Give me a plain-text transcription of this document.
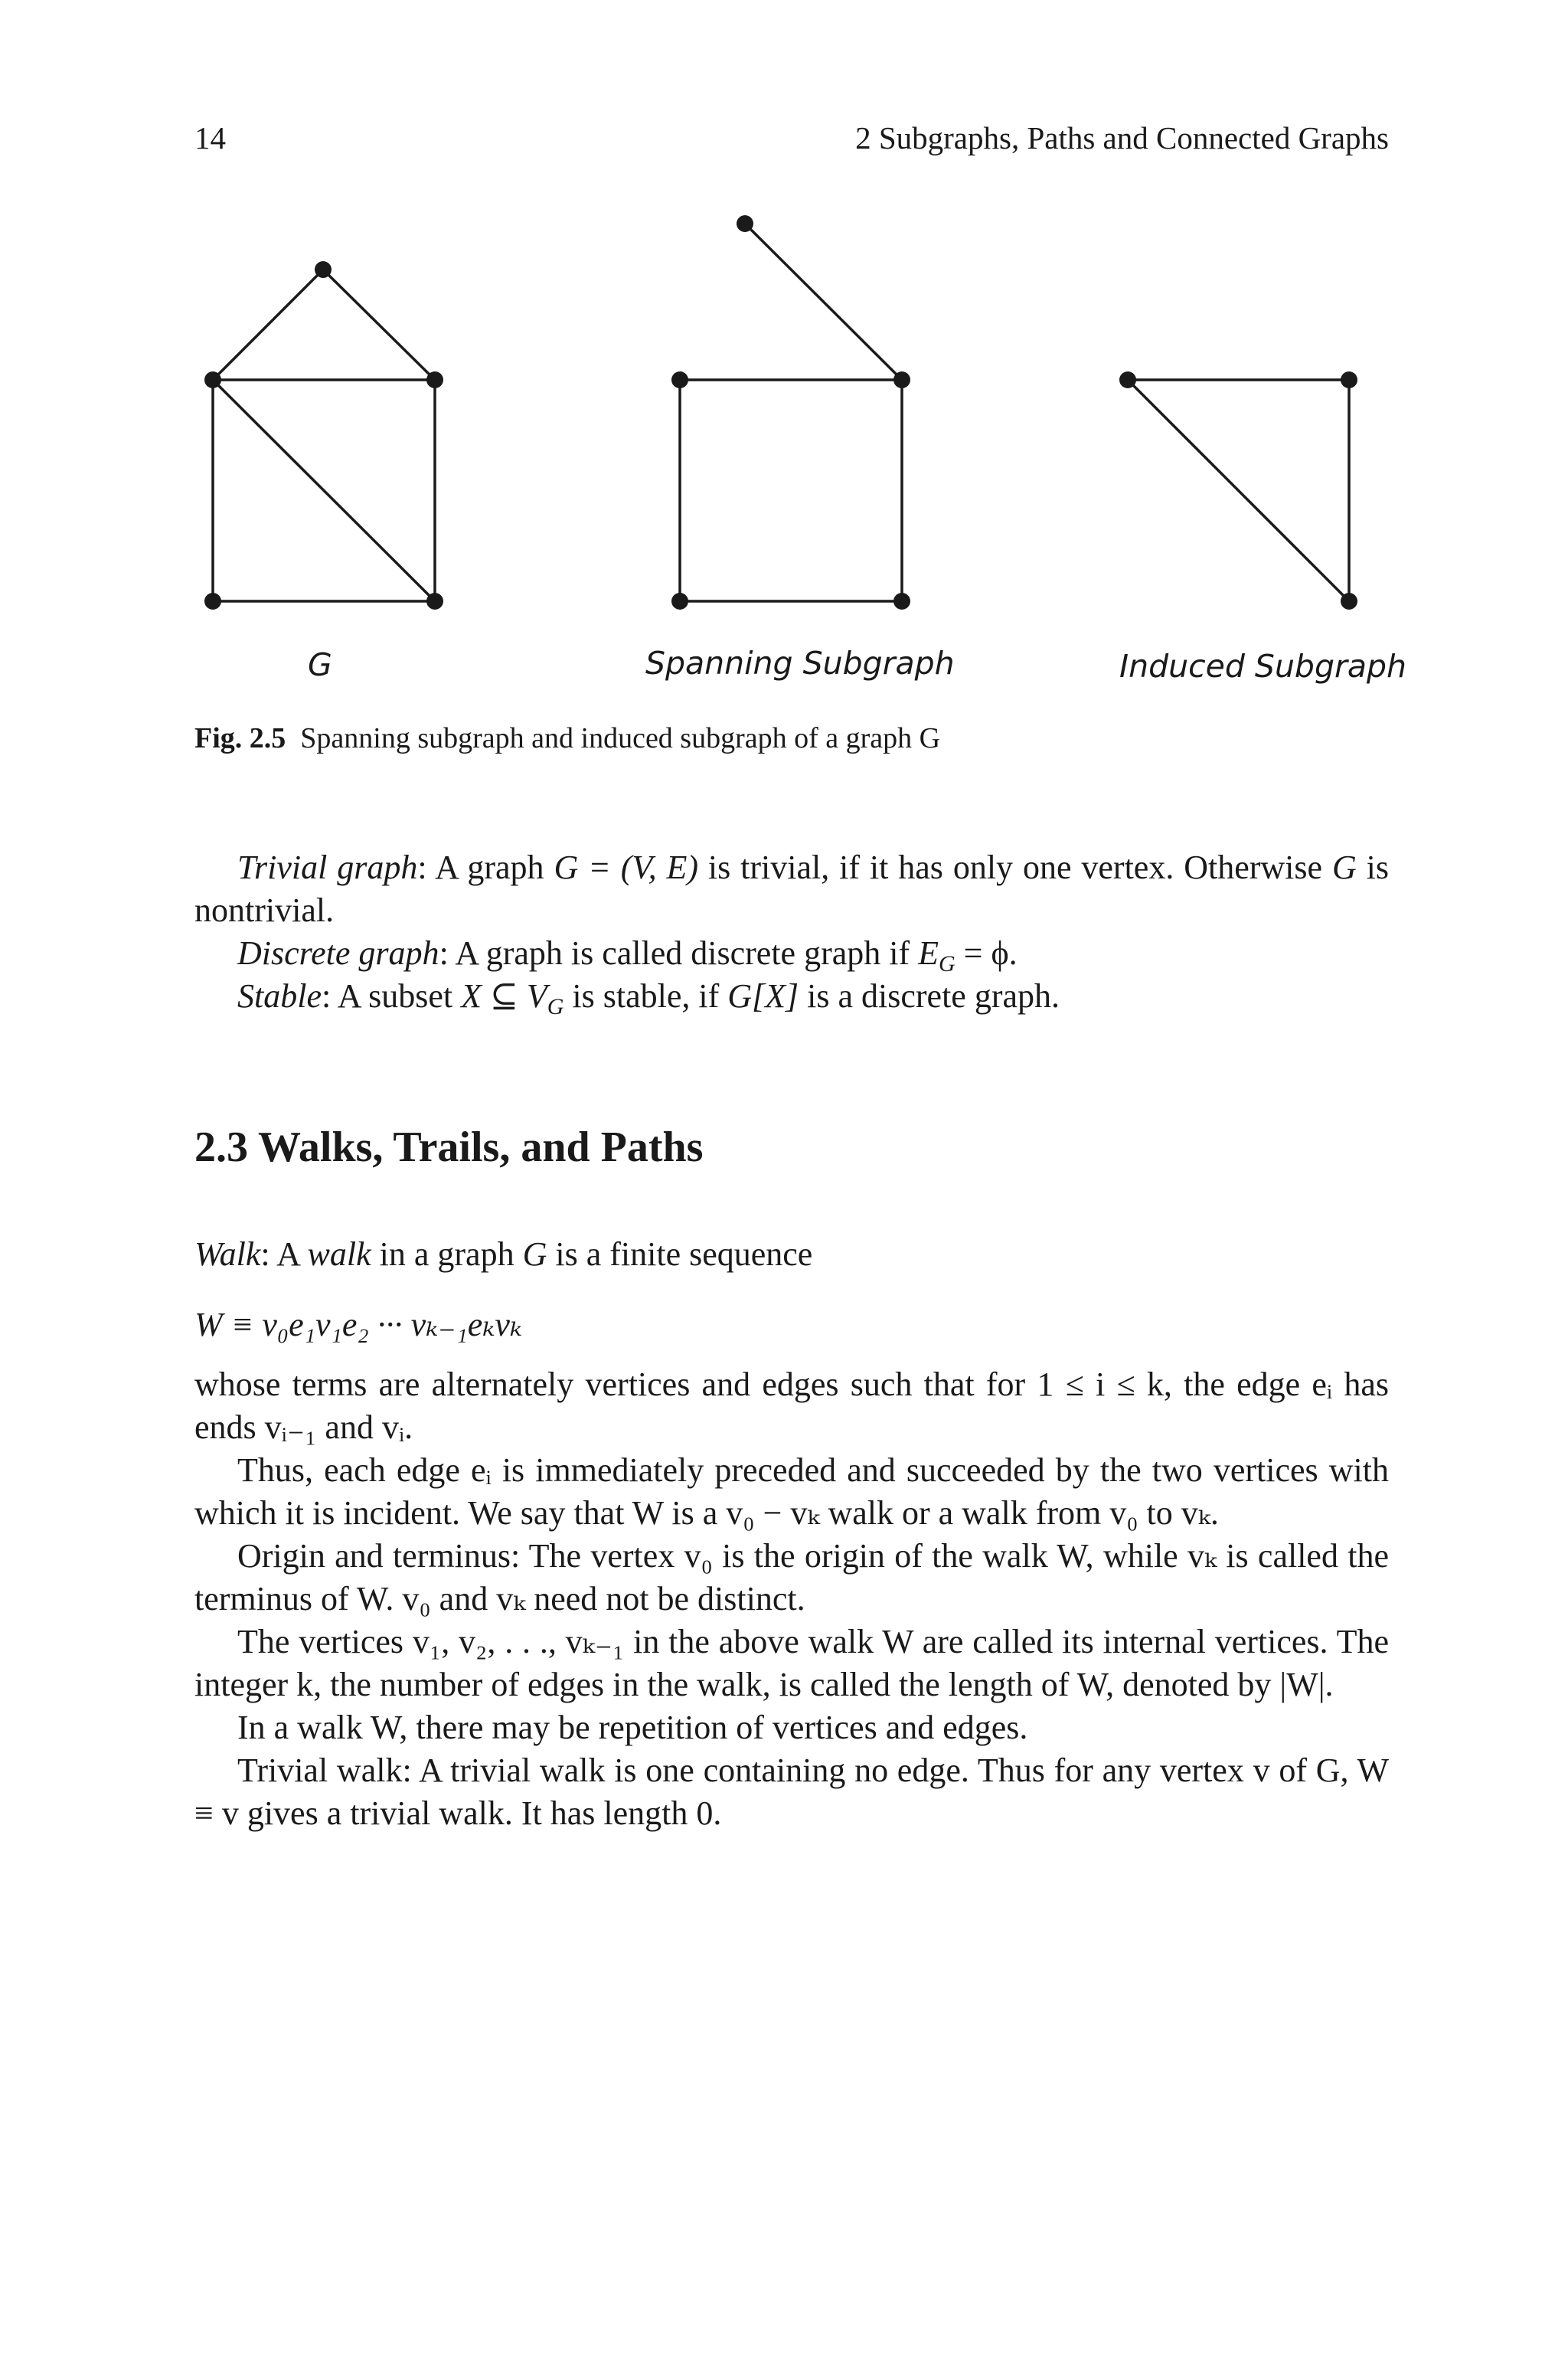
14	2 Subgraphs, Paths and Connected Graphs
G	Spanning Subgraph	Induced Subgraph
Fig. 2.5 Spanning subgraph and induced subgraph of a graph G

Trivial graph: A graph G = (V, E) is trivial, if it has only one vertex. Otherwise G is nontrivial.

Discrete graph: A graph is called discrete graph if $E_G = \phi$.

Stable: A subset X ⊆ $V_G$ is stable, if G[X] is a discrete graph.

2.3 Walks, Trails, and Paths

Walk: A walk in a graph G is a finite sequence

W ≡ v₀e₁v₁e₂ ··· vₖ₋₁eₖvₖ

whose terms are alternately vertices and edges such that for 1 ≤ i ≤ k, the edge eᵢ has ends vᵢ₋₁ and vᵢ.

Thus, each edge eᵢ is immediately preceded and succeeded by the two vertices with which it is incident. We say that W is a v₀ − vₖ walk or a walk from v₀ to vₖ.

Origin and terminus: The vertex v₀ is the origin of the walk W, while vₖ is called the terminus of W. v₀ and vₖ need not be distinct.

The vertices v₁, v₂, . . ., vₖ₋₁ in the above walk W are called its internal vertices. The integer k, the number of edges in the walk, is called the length of W, denoted by |W|.

In a walk W, there may be repetition of vertices and edges.

Trivial walk: A trivial walk is one containing no edge. Thus for any vertex v of G, W ≡ v gives a trivial walk. It has length 0.
